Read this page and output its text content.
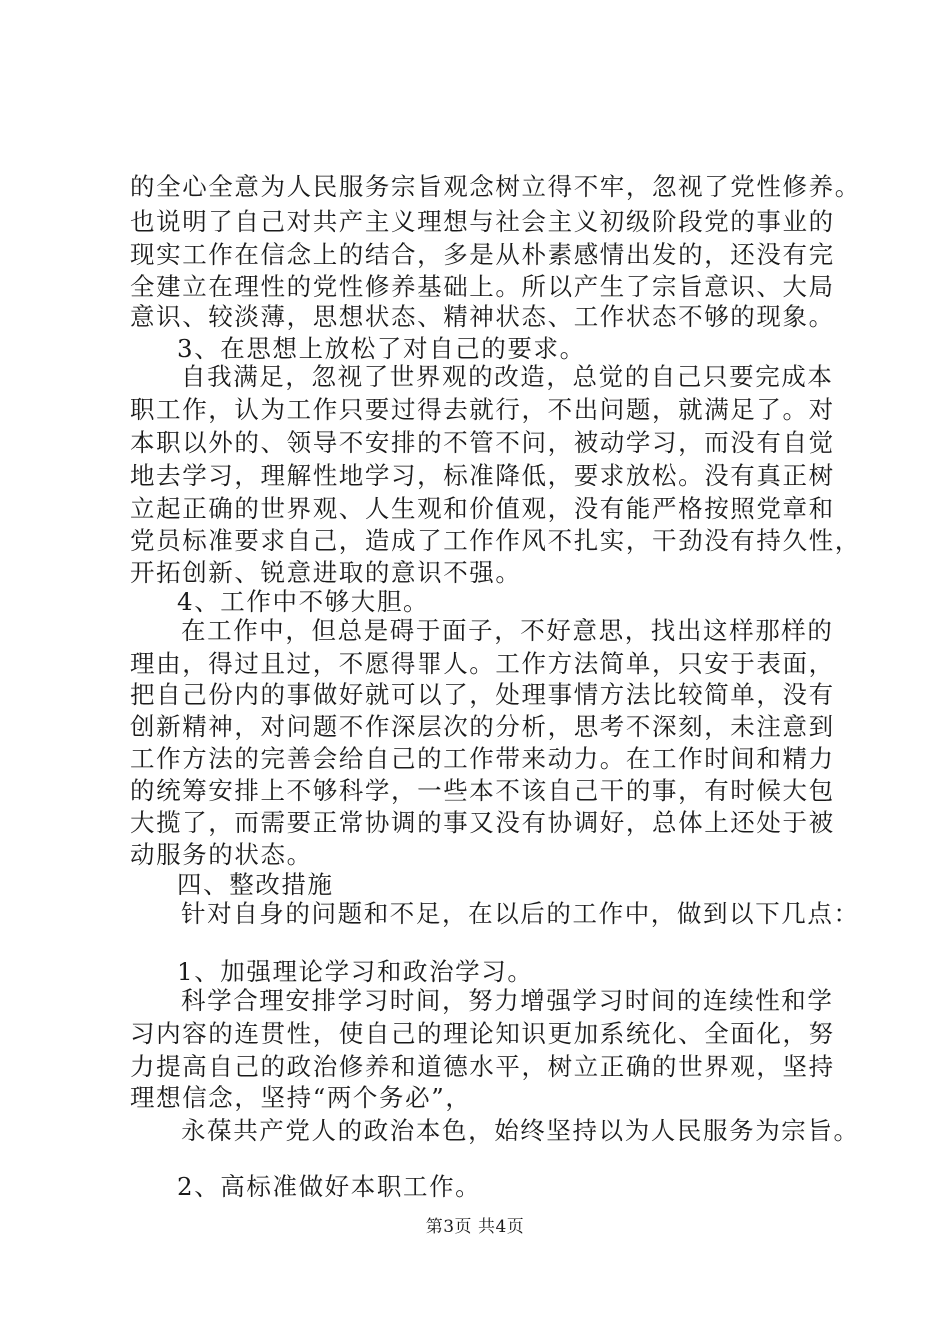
的全心全意为人民服务宗旨观念树立得不牢，忽视了党性修养。
也说明了自己对共产主义理想与社会主义初级阶段党的事业的
现实工作在信念上的结合，多是从朴素感情出发的，还没有完
全建立在理性的党性修养基础上。所以产生了宗旨意识、大局
意识、较淡薄，思想状态、精神状态、工作状态不够的现象。
3、在思想上放松了对自己的要求。
自我满足，忽视了世界观的改造，总觉的自己只要完成本
职工作，认为工作只要过得去就行，不出问题，就满足了。对
本职以外的、领导不安排的不管不问，被动学习，而没有自觉
地去学习，理解性地学习，标准降低，要求放松。没有真正树
立起正确的世界观、人生观和价值观，没有能严格按照党章和
党员标准要求自己，造成了工作作风不扎实，干劲没有持久性，
开拓创新、锐意进取的意识不强。
4、工作中不够大胆。
在工作中，但总是碍于面子，不好意思，找出这样那样的
理由，得过且过，不愿得罪人。工作方法简单，只安于表面，
把自己份内的事做好就可以了，处理事情方法比较简单，没有
创新精神，对问题不作深层次的分析，思考不深刻，未注意到
工作方法的完善会给自己的工作带来动力。在工作时间和精力
的统筹安排上不够科学，一些本不该自己干的事，有时候大包
大揽了，而需要正常协调的事又没有协调好，总体上还处于被
动服务的状态。
四、整改措施
针对自身的问题和不足，在以后的工作中，做到以下几点：
1、加强理论学习和政治学习。
科学合理安排学习时间，努力增强学习时间的连续性和学
习内容的连贯性，使自己的理论知识更加系统化、全面化，努
力提高自己的政治修养和道德水平，树立正确的世界观，坚持
理想信念，坚持“两个务必”，
永葆共产党人的政治本色，始终坚持以为人民服务为宗旨。
2、高标准做好本职工作。
第3页 共4页
